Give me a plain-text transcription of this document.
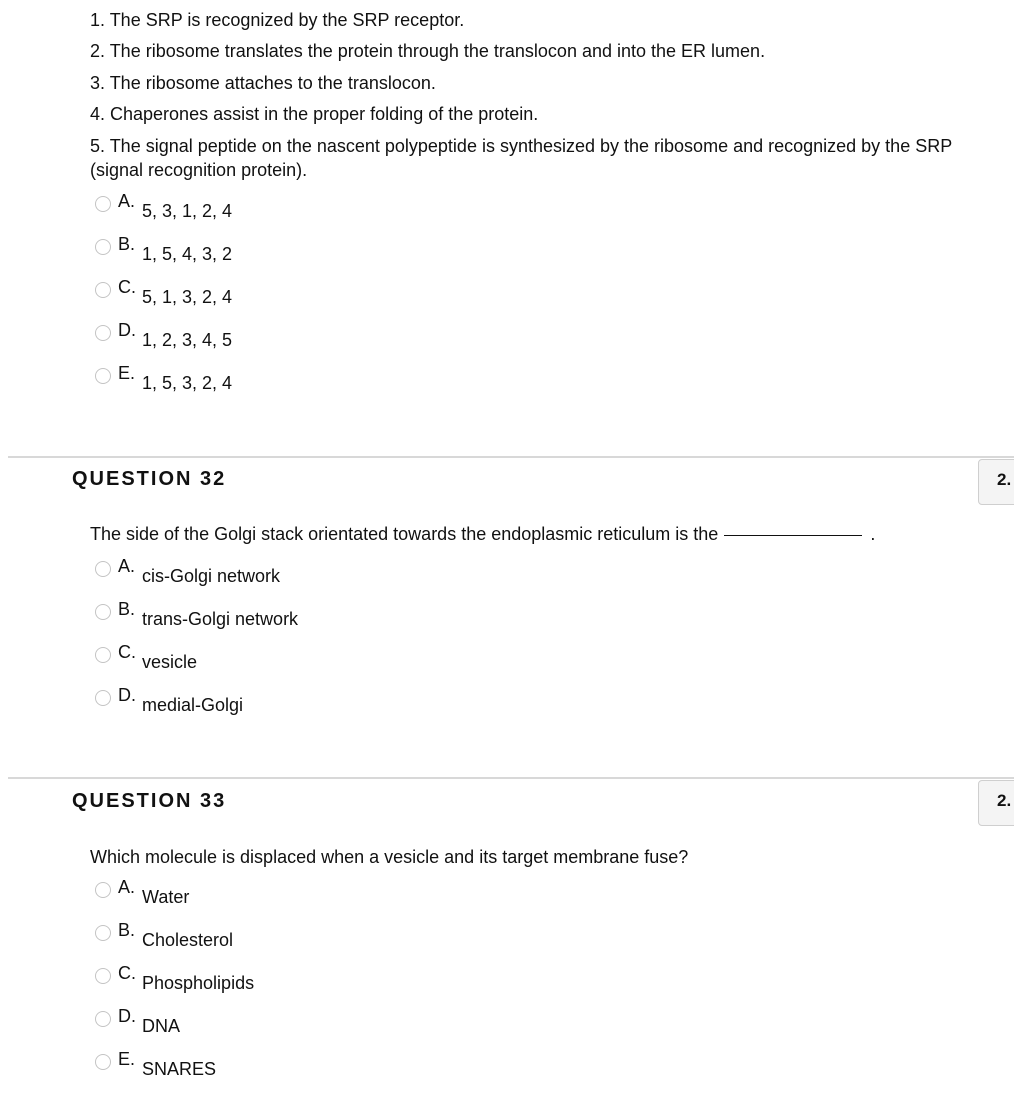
1. The SRP is recognized by the SRP receptor.
2. The ribosome translates the protein through the translocon and into the ER lumen.
3. The ribosome attaches to the translocon.
4. Chaperones assist in the proper folding of the protein.
5. The signal peptide on the nascent polypeptide is synthesized by the ribosome and recognized by the SRP (signal recognition protein).
A. 5, 3, 1, 2, 4
B. 1, 5, 4, 3, 2
C. 5, 1, 3, 2, 4
D. 1, 2, 3, 4, 5
E. 1, 5, 3, 2, 4
QUESTION 32	2.
The side of the Golgi stack orientated towards the endoplasmic reticulum is the	.
A. cis-Golgi network
B. trans-Golgi network
C. vesicle
D. medial-Golgi
QUESTION 33	2.
Which molecule is displaced when a vesicle and its target membrane fuse?
A. Water
B. Cholesterol
C. Phospholipids
D. DNA
E. SNARES
